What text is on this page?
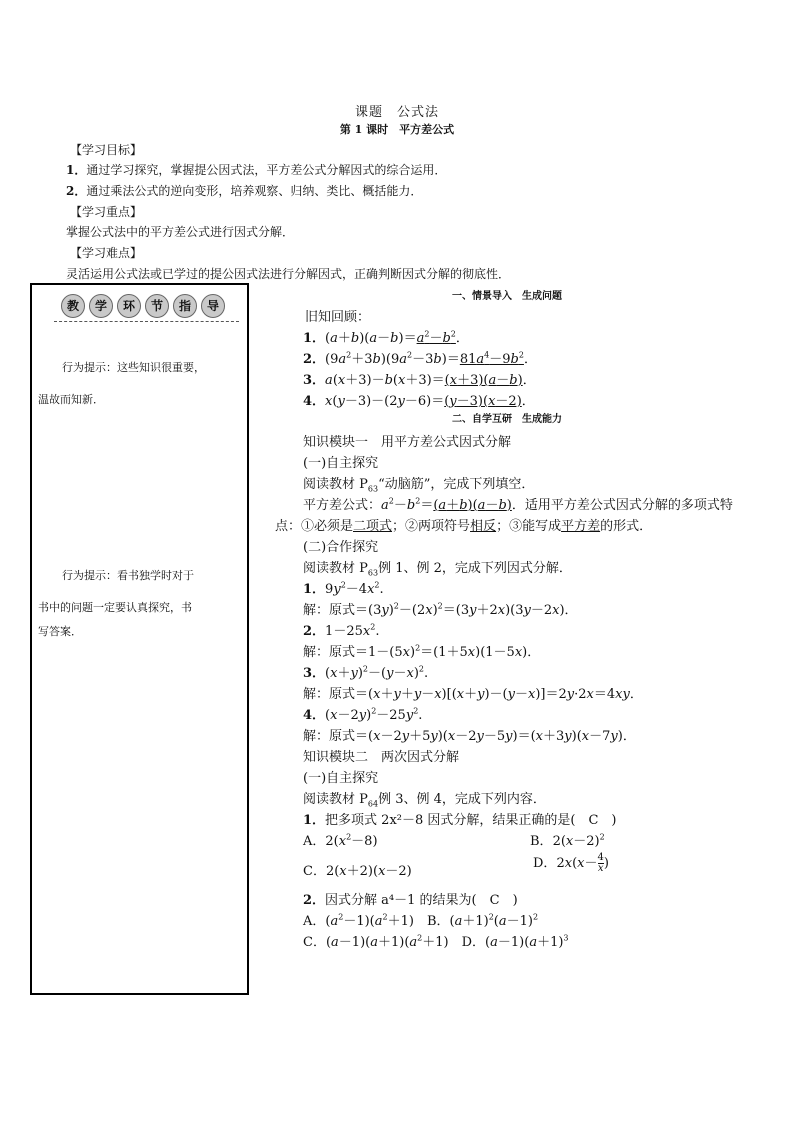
课题　公式法
第 1 课时　平方差公式
【学习目标】
1．通过学习探究，掌握提公因式法，平方差公式分解因式的综合运用．
2．通过乘法公式的逆向变形，培养观察、归纳、类比、概括能力．
【学习重点】
掌握公式法中的平方差公式进行因式分解．
【学习难点】
灵活运用公式法或已学过的提公因式法进行分解因式，正确判断因式分解的彻底性．
教	学	环	节	指	导
行为提示：这些知识很重要，
温故而知新．
行为提示：看书独学时对于
书中的问题一定要认真探究，书
写答案．
一、情景导入　生成问题
旧知回顾：
1．$(a+b)(a-b)=a^2-b^2$．
2．$(9a^2+3b)(9a^2-3b)=81a^4-9b^2$．
3．a(x＋3)－b(x＋3)＝(x＋3)(a－b)．
4．x(y－3)－(2y－6)＝(y－3)(x－2)．
二、自学互研　生成能力
知识模块一　用平方差公式因式分解
(一)自主探究
阅读教材 $P_{63}“$动脑筋”，完成下列填空．
平方差公式：$a^2-b^2=(a+b)(a-b)$．适用平方差公式因式分解的多项式特
点：①必须是二项式；②两项符号相反；③能写成平方差的形式．
(二)合作探究
阅读教材 $P_{63}$例 1、例 2，完成下列因式分解．
1．$9y^2-4x^2$.
解：原式$=(3y)^2-(2x)^2=(3y+2x)(3y-2x)$．
2．$1-25x^2$.
解：原式$=1-(5x)^2=(1+5x)(1-5x)$．
3．$(x+y)^2-(y-x)^2$.
解：原式＝(x＋y＋y－x)[(x＋y)－(y－x)]＝2y·2x＝4xy．
4．$(x-2y)^2-25y^2$.
解：原式＝(x－2y＋5y)(x－2y－5y)＝(x＋3y)(x－7y)．
知识模块二　两次因式分解
(一)自主探究
阅读教材 $P_{64}$例 3、例 4，完成下列内容．
1．把多项式 2x²－8 因式分解，结果正确的是(　C　)
A．$2(x^2-8)$	B．$2(x-2)^2$
C．2(x＋2)(x－2)
D．$2x(x- \frac{4}{x}$ )
2．因式分解 a⁴－1 的结果为(　C　)
A．$(a^2-1)(a^2+1)$　B．$(a+1)^2(a-1)^2$
C．$(a-1)(a+1)(a^2+1)$　D．$(a-1)(a+1)^3$
